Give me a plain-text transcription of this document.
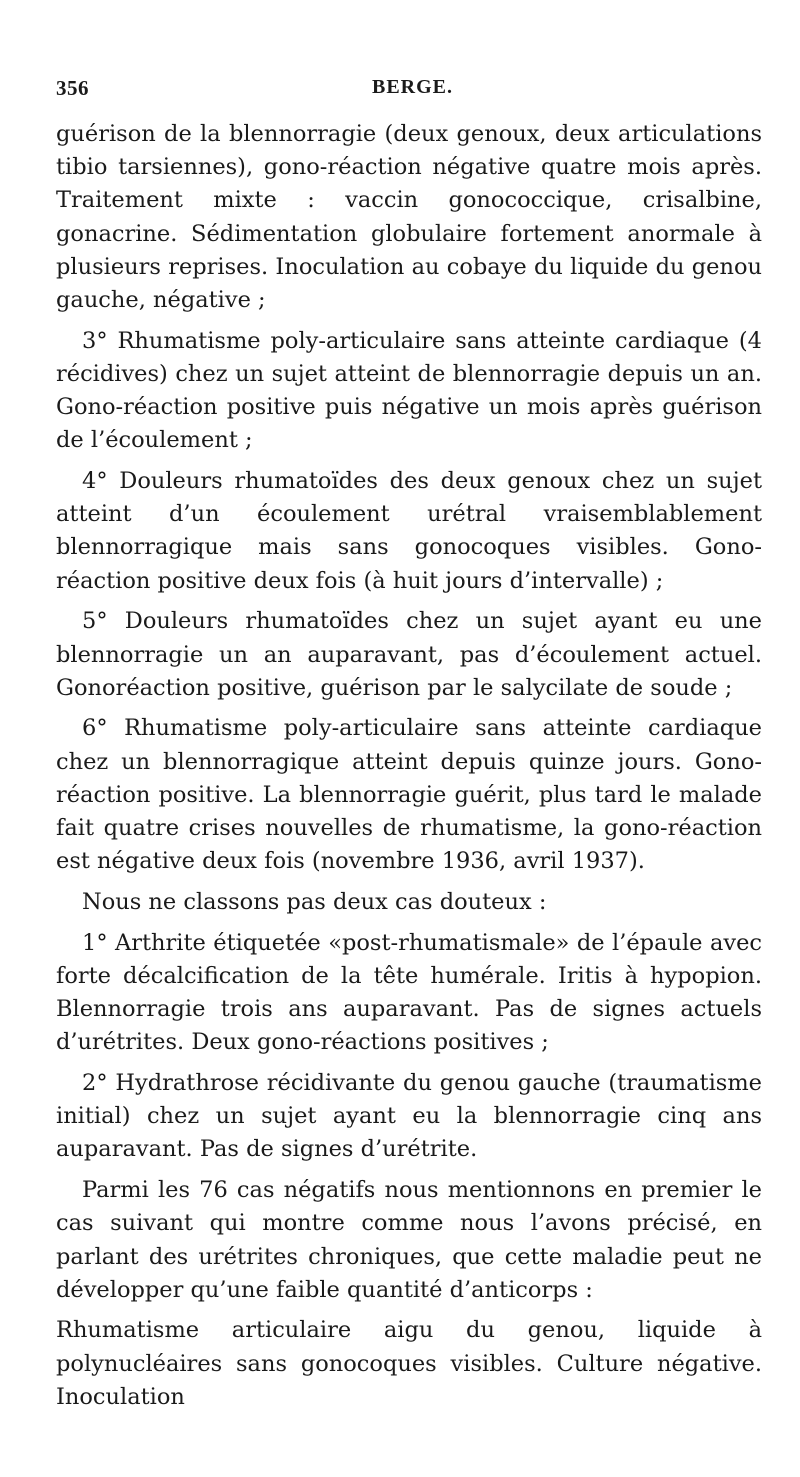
356	BERGE.

guérison de la blennorragie (deux genoux, deux articulations tibio tarsiennes), gono-réaction négative quatre mois après. Traitement mixte : vaccin gonococcique, crisalbine, gonacrine. Sédimentation globulaire fortement anormale à plusieurs reprises. Inoculation au cobaye du liquide du genou gauche, négative ;

3° Rhumatisme poly-articulaire sans atteinte cardiaque (4 récidives) chez un sujet atteint de blennorragie depuis un an. Gono-réaction positive puis négative un mois après guérison de l’écoulement ;

4° Douleurs rhumatoïdes des deux genoux chez un sujet atteint d’un écoulement urétral vraisemblablement blennorragique mais sans gonocoques visibles. Gono-réaction positive deux fois (à huit jours d’intervalle) ;

5° Douleurs rhumatoïdes chez un sujet ayant eu une blennorragie un an auparavant, pas d’écoulement actuel. Gonoréaction positive, guérison par le salycilate de soude ;

6° Rhumatisme poly-articulaire sans atteinte cardiaque chez un blennorragique atteint depuis quinze jours. Gono-réaction positive. La blennorragie guérit, plus tard le malade fait quatre crises nouvelles de rhumatisme, la gono-réaction est négative deux fois (novembre 1936, avril 1937).

Nous ne classons pas deux cas douteux :

1° Arthrite étiquetée «post-rhumatismale» de l’épaule avec forte décalcification de la tête humérale. Iritis à hypopion. Blennorragie trois ans auparavant. Pas de signes actuels d’urétrites. Deux gono-réactions positives ;

2° Hydrathrose récidivante du genou gauche (traumatisme initial) chez un sujet ayant eu la blennorragie cinq ans auparavant. Pas de signes d’urétrite.

Parmi les 76 cas négatifs nous mentionnons en premier le cas suivant qui montre comme nous l’avons précisé, en parlant des urétrites chroniques, que cette maladie peut ne développer qu’une faible quantité d’anticorps :

Rhumatisme articulaire aigu du genou, liquide à polynucléaires sans gonocoques visibles. Culture négative. Inoculation
